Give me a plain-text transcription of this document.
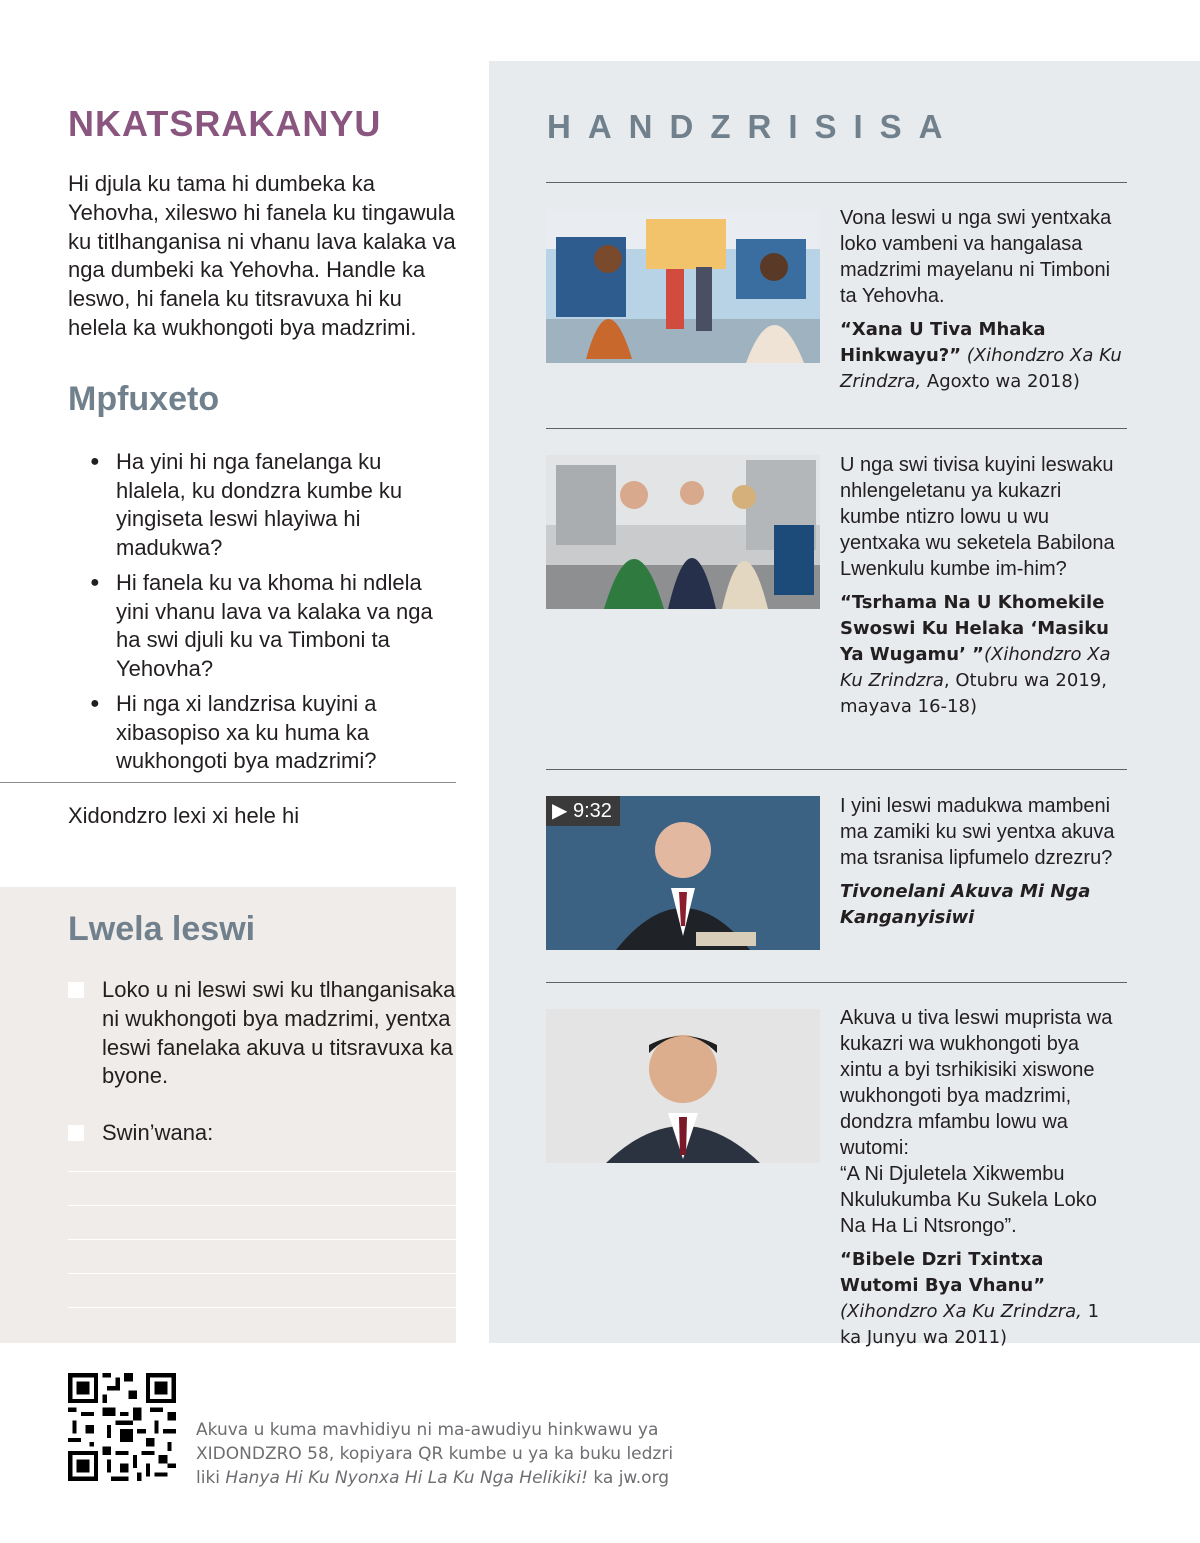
NKATSRAKANYU

Hi djula ku tama hi dumbeka ka Yehovha, xileswo hi fanela ku tingawula ku titlhanganisa ni vhanu lava kalaka va nga dumbeki ka Yehovha. Handle ka leswo, hi fanela ku titsravuxa hi ku helela ka wukhongoti bya madzrimi.

Mpfuxeto
● Ha yini hi nga fanelanga ku hlalela, ku dondzra kumbe ku yingiseta leswi hlayiwa hi madukwa?
● Hi fanela ku va khoma hi ndlela yini vhanu lava va kalaka va nga ha swi djuli ku va Timboni ta Yehovha?
● Hi nga xi landzrisa kuyini a xibasopiso xa ku huma ka wukhongoti bya madzrimi?

Xidondzro lexi xi hele hi

Lwela leswi
Loko u ni leswi swi ku tlhanganisaka ni wukhongoti bya madzrimi, yentxa leswi fanelaka akuva u titsravuxa ka byone.
Swin’wana:
HANDZRISISA

Vona leswi u nga swi yentxaka loko vambeni va hangalasa madzrimi mayelanu ni Timboni ta Yehovha.

“Xana U Tiva Mhaka Hinkwayu?” (Xihondzro Xa Ku Zrindzra, Agoxto wa 2018)

U nga swi tivisa kuyini leswaku nhlengeletanu ya kukazri kumbe ntizro lowu u wu yentxaka wu seketela Babilona Lwenkulu kumbe im-him?

“Tsrhama Na U Khomekile Swoswi Ku Helaka ‘Masiku Ya Wugamu’ ”(Xihondzro Xa Ku Zrindzra, Otubru wa 2019, mayava 16-18)

▶ 9:32	I yini leswi madukwa mambeni ma zamiki ku swi yentxa akuva ma tsranisa lipfumelo dzrezru?

Tivonelani Akuva Mi Nga Kanganyisiwi

Akuva u tiva leswi muprista wa kukazri wa wukhongoti bya xintu a byi tsrhikisiki xiswone wukhongoti bya madzrimi, dondzra mfambu lowu wa wutomi:

“A Ni Djuletela Xikwembu Nkulukumba Ku Sukela Loko Na Ha Li Ntsrongo”.

“Bibele Dzri Txintxa Wutomi Bya Vhanu” (Xihondzro Xa Ku Zrindzra, 1 ka Junyu wa 2011)

Akuva u kuma mavhidiyu ni ma-awudiyu hinkwawu ya XIDONDZRO 58, kopiyara QR kumbe u ya ka buku ledzri liki Hanya Hi Ku Nyonxa Hi La Ku Nga Helikiki! ka jw.org
